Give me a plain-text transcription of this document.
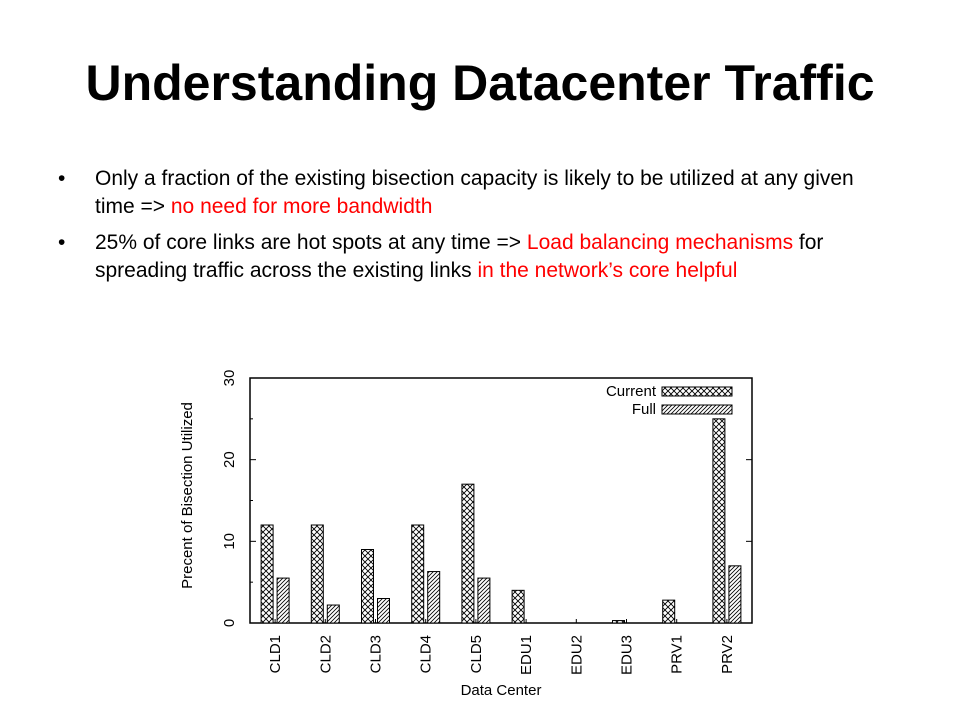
Understanding Datacenter Traffic
• Only a fraction of the existing bisection capacity is likely to be utilized at any given time => no need for more bandwidth
• 25% of core links are hot spots at any time => Load balancing mechanisms for spreading traffic across the existing links in the network’s core helpful
0
10
20
30
CLD1 CLD2 CLD3 CLD4 CLD5 EDU1 EDU2 EDU3 PRV1 PRV2
Data Center
Precent of Bisection Utilized
Current
Full
